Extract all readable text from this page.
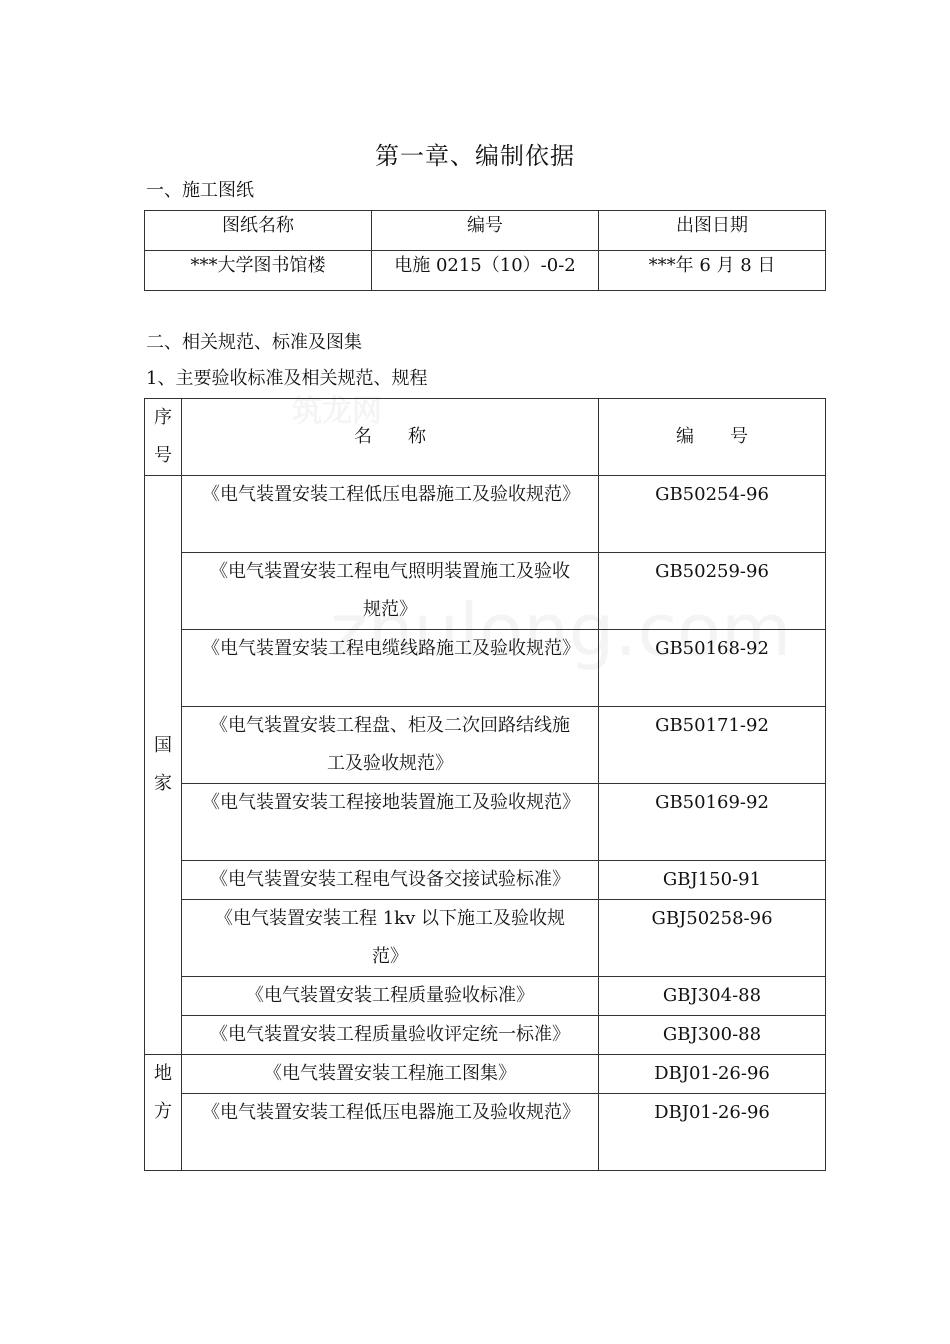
第一章、编制依据
一、施工图纸
图纸名称	编号	出图日期
***大学图书馆楼	电施 0215（10）-0-2	***年 6 月 8 日
二、相关规范、标准及图集
1、主要验收标准及相关规范、规程
序号	名　　称	编　　号

国家	《电气装置安装工程低压电器施工及验收规范》	GB50254-96
	《电气装置安装工程电气照明装置施工及验收规范》	GB50259-96
	《电气装置安装工程电缆线路施工及验收规范》	GB50168-92
	《电气装置安装工程盘、柜及二次回路结线施工及验收规范》	GB50171-92
	《电气装置安装工程接地装置施工及验收规范》	GB50169-92
	《电气装置安装工程电气设备交接试验标准》	GBJ150-91
	《电气装置安装工程 1kv 以下施工及验收规范》	GBJ50258-96
	《电气装置安装工程质量验收标准》	GBJ304-88
	《电气装置安装工程质量验收评定统一标准》	GBJ300-88

地方	《电气装置安装工程施工图集》	DBJ01-26-96
	《电气装置安装工程低压电器施工及验收规范》	DBJ01-26-96
